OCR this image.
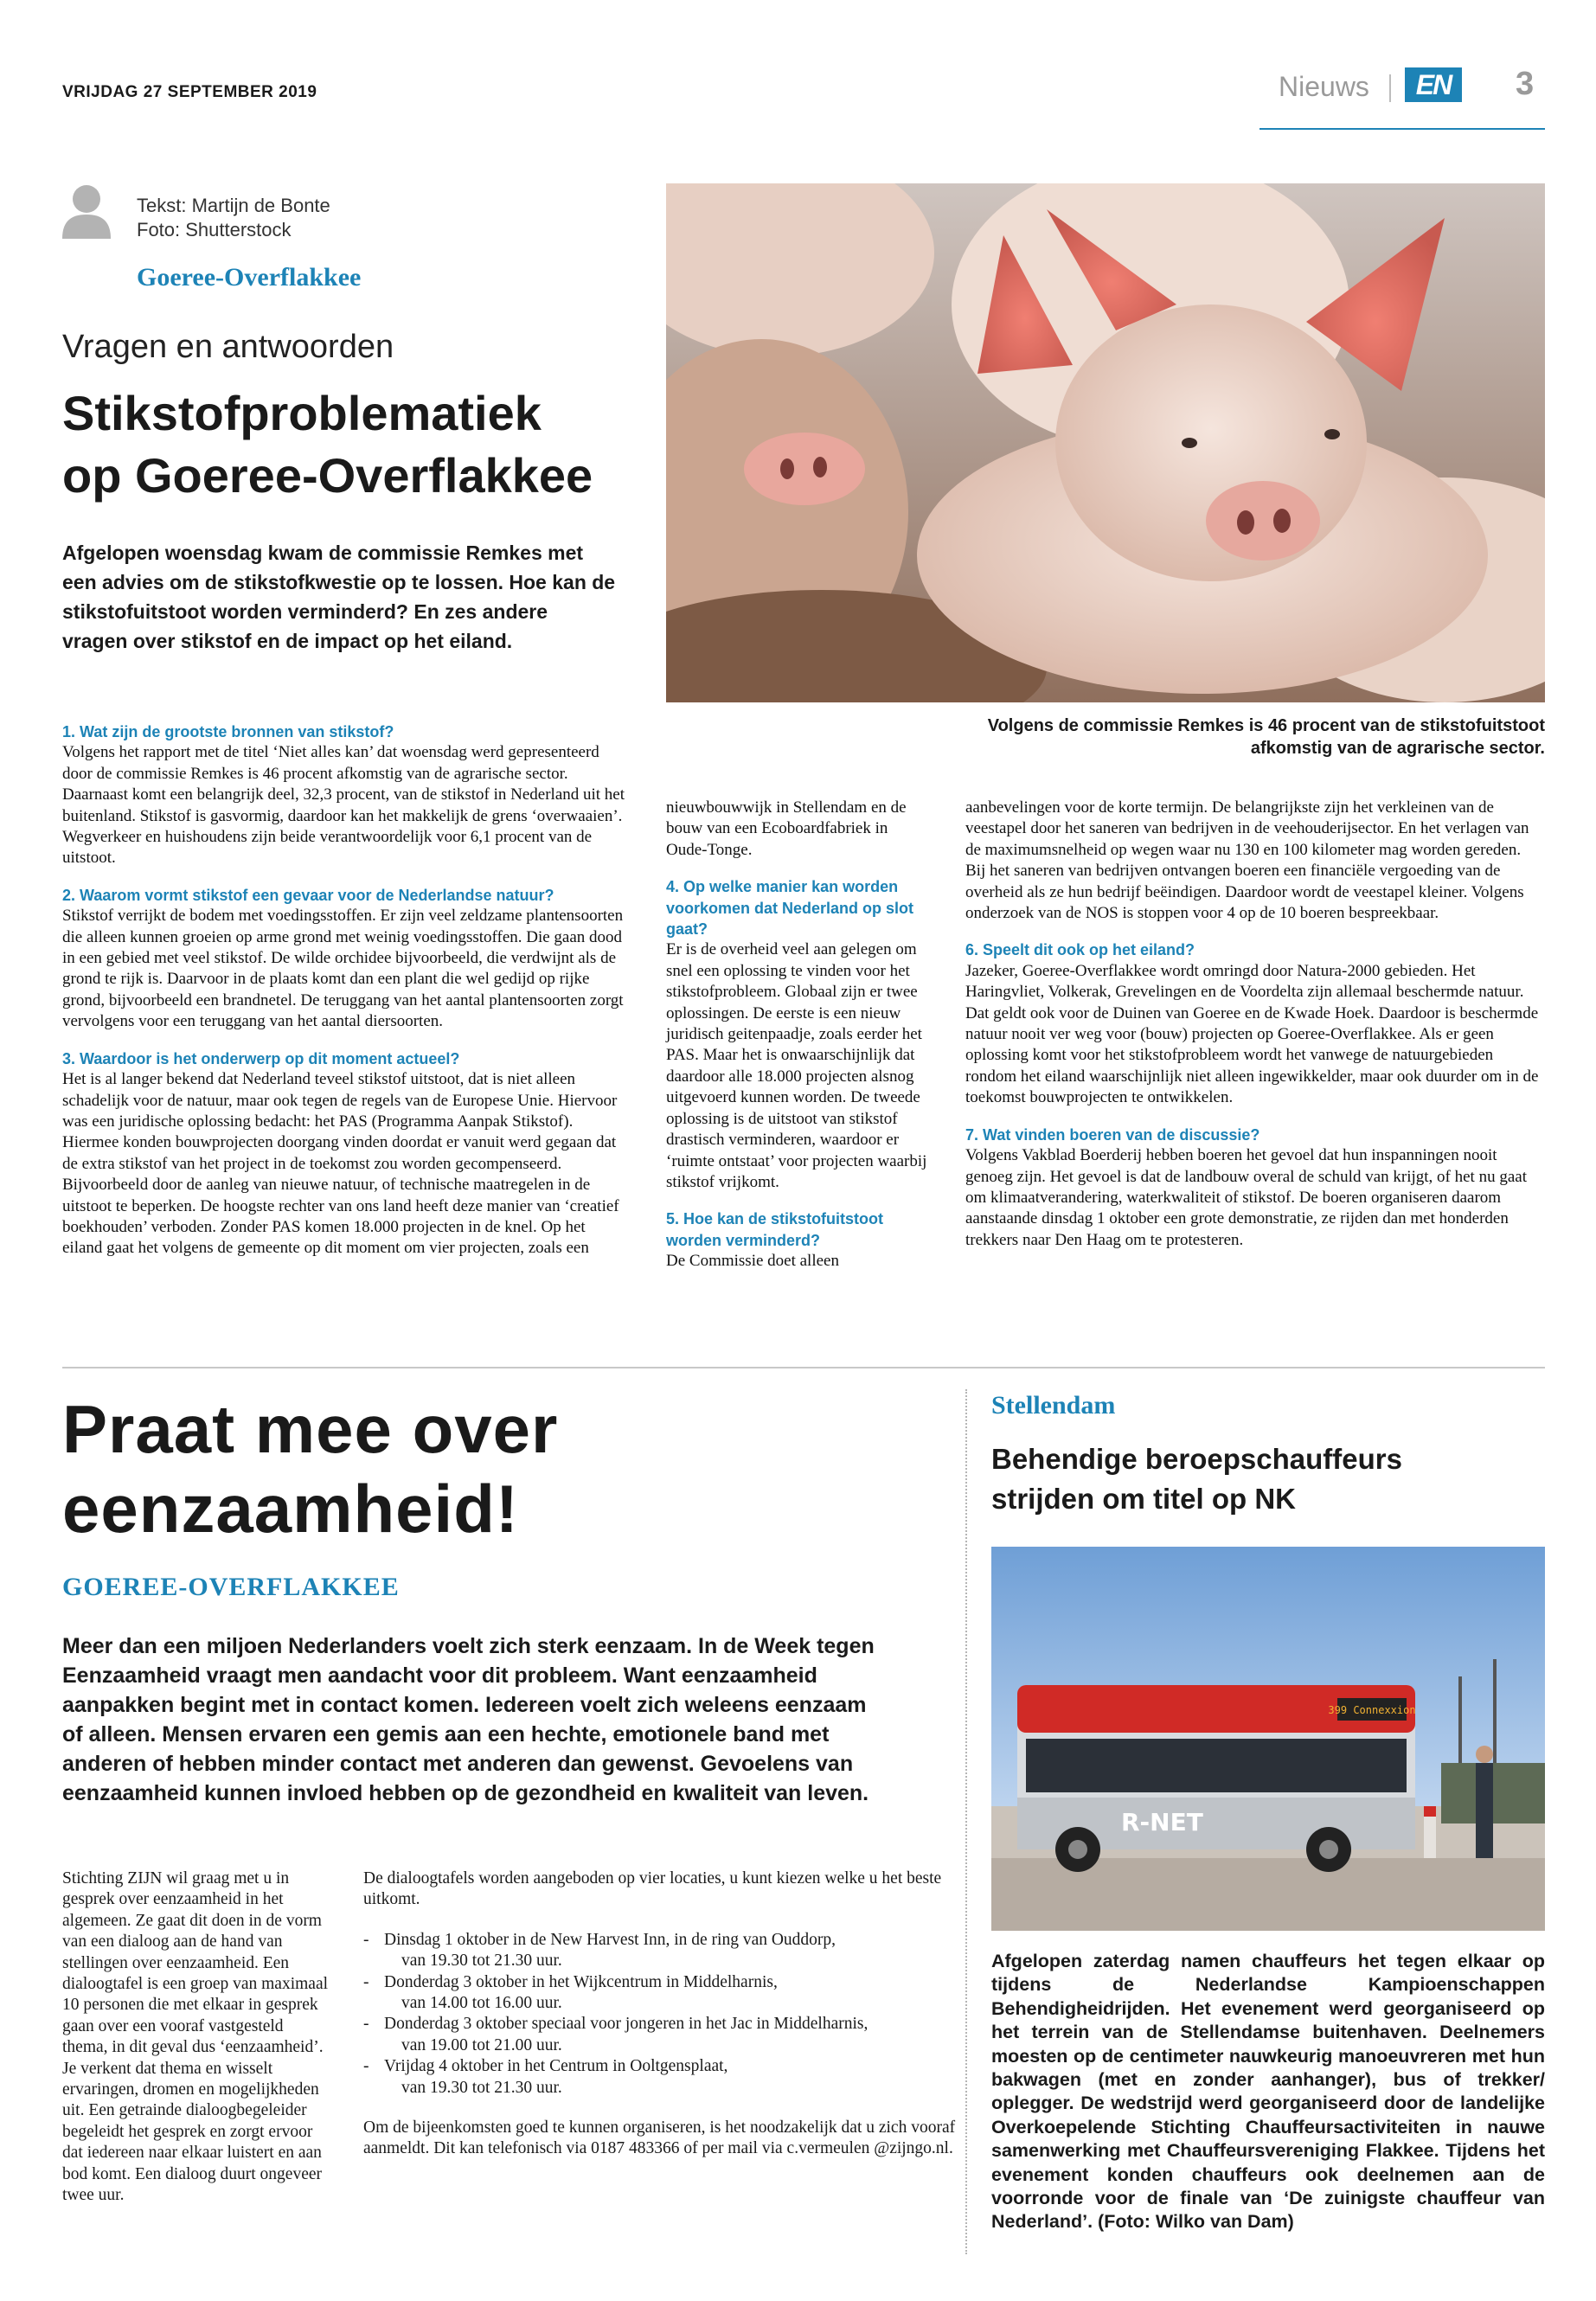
VRIJDAG 27 SEPTEMBER 2019	Nieuws	EN	3
Tekst: Martijn de Bonte
Foto: Shutterstock
Goeree-Overflakkee
Vragen en antwoorden
Stikstofproblematiek
op Goeree-Overflakkee
Afgelopen woensdag kwam de commissie Remkes met een advies om de stikstofkwestie op te lossen. Hoe kan de stikstofuitstoot worden verminderd? En zes andere vragen over stikstof en de impact op het eiland.
Volgens de commissie Remkes is 46 procent van de stikstofuitstoot afkomstig van de agrarische sector.

1. Wat zijn de grootste bronnen van stikstof?

Volgens het rapport met de titel ‘Niet alles kan’ dat woensdag werd gepresenteerd door de commissie Remkes is 46 procent afkomstig van de agrarische sector. Daarnaast komt een belangrijk deel, 32,3 procent, van de stikstof in Nederland uit het buitenland. Stikstof is gasvormig, daardoor kan het makkelijk de grens ‘overwaaien’. Wegverkeer en huishoudens zijn beide verantwoordelijk voor 6,1 procent van de uitstoot.

2. Waarom vormt stikstof een gevaar voor de Nederlandse natuur?

Stikstof verrijkt de bodem met voedingsstoffen. Er zijn veel zeldzame plantensoorten die alleen kunnen groeien op arme grond met weinig voedingsstoffen. Die gaan dood in een gebied met veel stikstof. De wilde orchidee bijvoorbeeld, die verdwijnt als de grond te rijk is. Daarvoor in de plaats komt dan een plant die wel gedijd op rijke grond, bijvoorbeeld een brandnetel. De teruggang van het aantal plantensoorten zorgt vervolgens voor een teruggang van het aantal diersoorten.

3. Waardoor is het onderwerp op dit moment actueel?

Het is al langer bekend dat Nederland teveel stikstof uitstoot, dat is niet alleen schadelijk voor de natuur, maar ook tegen de regels van de Europese Unie. Hiervoor was een juridische oplossing bedacht: het PAS (Programma Aanpak Stikstof). Hiermee konden bouwprojecten doorgang vinden doordat er vanuit werd gegaan dat de extra stikstof van het project in de toekomst zou worden gecompenseerd. Bijvoorbeeld door de aanleg van nieuwe natuur, of technische maatregelen in de uitstoot te beperken. De hoogste rechter van ons land heeft deze manier van ‘creatief boekhouden’ verboden. Zonder PAS komen 18.000 projecten in de knel. Op het eiland gaat het volgens de gemeente op dit moment om vier projecten, zoals een

nieuwbouwwijk in Stellendam en de bouw van een Ecoboardfabriek in Oude-Tonge.

4. Op welke manier kan worden voorkomen dat Nederland op slot gaat?

Er is de overheid veel aan gelegen om snel een oplossing te vinden voor het stikstofprobleem. Globaal zijn er twee oplossingen. De eerste is een nieuw juridisch geitenpaadje, zoals eerder het PAS. Maar het is onwaarschijnlijk dat daardoor alle 18.000 projecten alsnog uitgevoerd kunnen worden. De tweede oplossing is de uitstoot van stikstof drastisch verminderen, waardoor er ‘ruimte ontstaat’ voor projecten waarbij stikstof vrijkomt.

5. Hoe kan de stikstofuitstoot worden verminderd?

De Commissie doet alleen

aanbevelingen voor de korte termijn. De belangrijkste zijn het verkleinen van de veestapel door het saneren van bedrijven in de veehouderijsector. En het verlagen van de maximumsnelheid op wegen waar nu 130 en 100 kilometer mag worden gereden. Bij het saneren van bedrijven ontvangen boeren een financiële vergoeding van de overheid als ze hun bedrijf beëindigen. Daardoor wordt de veestapel kleiner. Volgens onderzoek van de NOS is stoppen voor 4 op de 10 boeren bespreekbaar.

6. Speelt dit ook op het eiland?

Jazeker, Goeree-Overflakkee wordt omringd door Natura-2000 gebieden. Het Haringvliet, Volkerak, Grevelingen en de Voordelta zijn allemaal beschermde natuur. Dat geldt ook voor de Duinen van Goeree en de Kwade Hoek. Daardoor is beschermde natuur nooit ver weg voor (bouw) projecten op Goeree-Overflakkee. Als er geen oplossing komt voor het stikstofprobleem wordt het vanwege de natuurgebieden rondom het eiland waarschijnlijk niet alleen ingewikkelder, maar ook duurder om in de toekomst bouwprojecten te ontwikkelen.

7. Wat vinden boeren van de discussie?

Volgens Vakblad Boerderij hebben boeren het gevoel dat hun inspanningen nooit genoeg zijn. Het gevoel is dat de landbouw overal de schuld van krijgt, of het nu gaat om klimaatverandering, waterkwaliteit of stikstof. De boeren organiseren daarom aanstaande dinsdag 1 oktober een grote demonstratie, ze rijden dan met honderden trekkers naar Den Haag om te protesteren.

Praat mee over
eenzaamheid!
GOEREE-OVERFLAKKEE
Meer dan een miljoen Nederlanders voelt zich sterk eenzaam. In de Week tegen Eenzaamheid vraagt men aandacht voor dit probleem. Want eenzaamheid aanpakken begint met in contact komen. Iedereen voelt zich weleens eenzaam of alleen. Mensen ervaren een gemis aan een hechte, emotionele band met anderen of hebben minder contact met anderen dan gewenst. Gevoelens van eenzaamheid kunnen invloed hebben op de gezondheid en kwaliteit van leven.
Stichting ZIJN wil graag met u in gesprek over eenzaamheid in het algemeen. Ze gaat dit doen in de vorm van een dialoog aan de hand van stellingen over eenzaamheid. Een dialoogtafel is een groep van maximaal 10 personen die met elkaar in gesprek gaan over een vooraf vastgesteld thema, in dit geval dus ‘eenzaamheid’. Je verkent dat thema en wisselt ervaringen, dromen en mogelijkheden uit. Een getrainde dialoogbegeleider begeleidt het gesprek en zorgt ervoor dat iedereen naar elkaar luistert en aan bod komt. Een dialoog duurt ongeveer twee uur.

De dialoogtafels worden aangeboden op vier locaties, u kunt kiezen welke u het beste uitkomt.

- Dinsdag 1 oktober in de New Harvest Inn, in de ring van Ouddorp,
van 19.30 tot 21.30 uur.
- Donderdag 3 oktober in het Wijkcentrum in Middelharnis,
van 14.00 tot 16.00 uur.
- Donderdag 3 oktober speciaal voor jongeren in het Jac in Middelharnis,
van 19.00 tot 21.00 uur.
- Vrijdag 4 oktober in het Centrum in Ooltgensplaat,
van 19.30 tot 21.30 uur.

Om de bijeenkomsten goed te kunnen organiseren, is het noodzakelijk dat u zich vooraf aanmeldt. Dit kan telefonisch via 0187 483366 of per mail via c.vermeulen @zijngo.nl.

Stellendam
Behendige beroepschauffeurs
strijden om titel op NK
399 Connexxion
R-NET
Afgelopen zaterdag namen chauffeurs het tegen elkaar op tijdens de Nederlandse Kampioenschappen Behendigheidrijden. Het evenement werd georganiseerd op het terrein van de Stellendamse buitenhaven. Deelnemers moesten op de centimeter nauwkeurig manoeuvreren met hun bakwagen (met en zonder aanhanger), bus of trekker/ oplegger. De wedstrijd werd georganiseerd door de landelijke Overkoepelende Stichting Chauffeursactiviteiten in nauwe samenwerking met Chauffeursvereniging Flakkee. Tijdens het evenement konden chauffeurs ook deelnemen aan de voorronde voor de finale van ‘De zuinigste chauffeur van Nederland’. (Foto: Wilko van Dam)
